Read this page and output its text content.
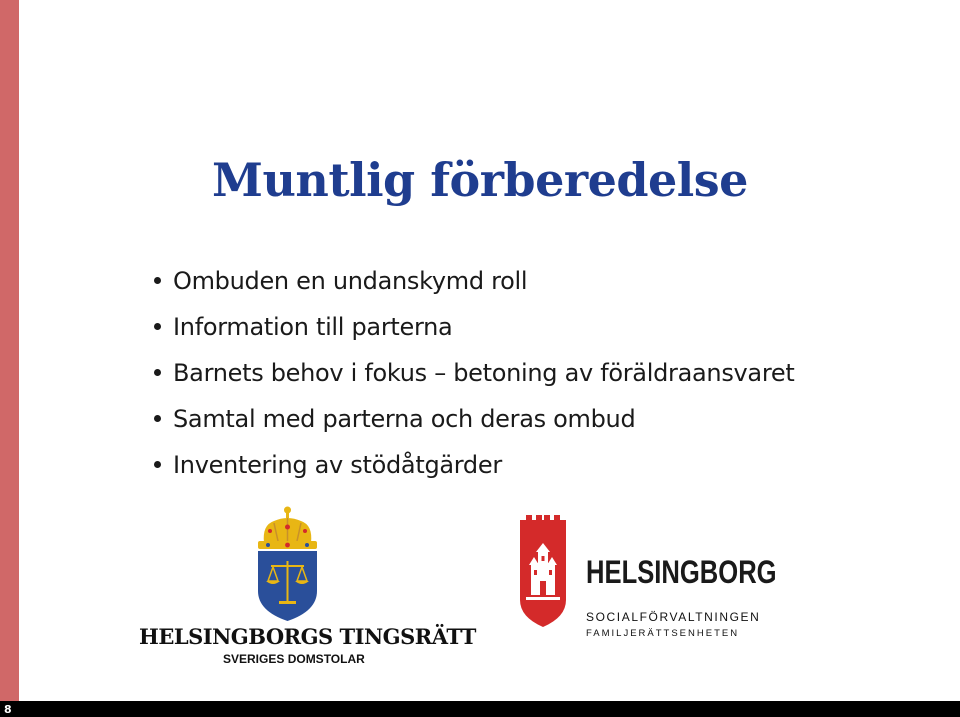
Muntlig förberedelse
Ombuden en undanskymd roll
Information till parterna
Barnets behov i fokus – betoning av föräldraansvaret
Samtal med parterna och deras ombud
Inventering av stödåtgärder
HELSINGBORGS TINGSRÄTT
SVERIGES DOMSTOLAR
HELSINGBORG
SOCIALFÖRVALTNINGEN
FAMILJERÄTTSENHETEN
8
